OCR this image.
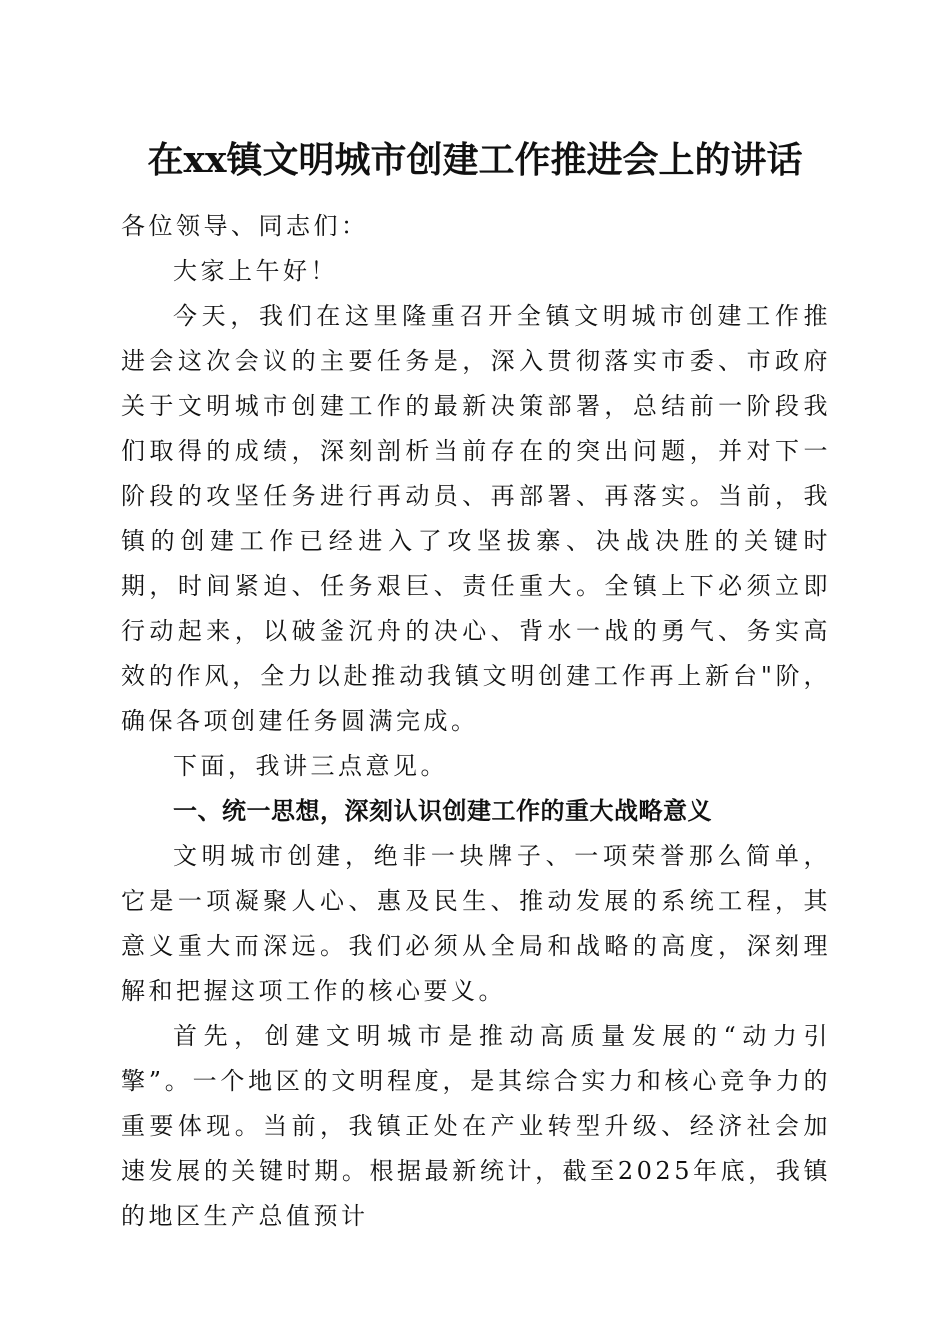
在xx镇文明城市创建工作推进会上的讲话

各位领导、同志们：

大家上午好！

今天，我们在这里隆重召开全镇文明城市创建工作推进会这次会议的主要任务是，深入贯彻落实市委、市政府关于文明城市创建工作的最新决策部署，总结前一阶段我们取得的成绩，深刻剖析当前存在的突出问题，并对下一阶段的攻坚任务进行再动员、再部署、再落实。当前，我镇的创建工作已经进入了攻坚拔寨、决战决胜的关键时期，时间紧迫、任务艰巨、责任重大。全镇上下必须立即行动起来，以破釜沉舟的决心、背水一战的勇气、务实高效的作风，全力以赴推动我镇文明创建工作再上新台"阶，确保各项创建任务圆满完成。

下面，我讲三点意见。

一、统一思想，深刻认识创建工作的重大战略意义

文明城市创建，绝非一块牌子、一项荣誉那么简单，它是一项凝聚人心、惠及民生、推动发展的系统工程，其意义重大而深远。我们必须从全局和战略的高度，深刻理解和把握这项工作的核心要义。

首先，创建文明城市是推动高质量发展的“动力引擎”。一个地区的文明程度，是其综合实力和核心竞争力的重要体现。当前，我镇正处在产业转型升级、经济社会加速发展的关键时期。根据最新统计，截至2025年底，我镇的地区生产总值预计
